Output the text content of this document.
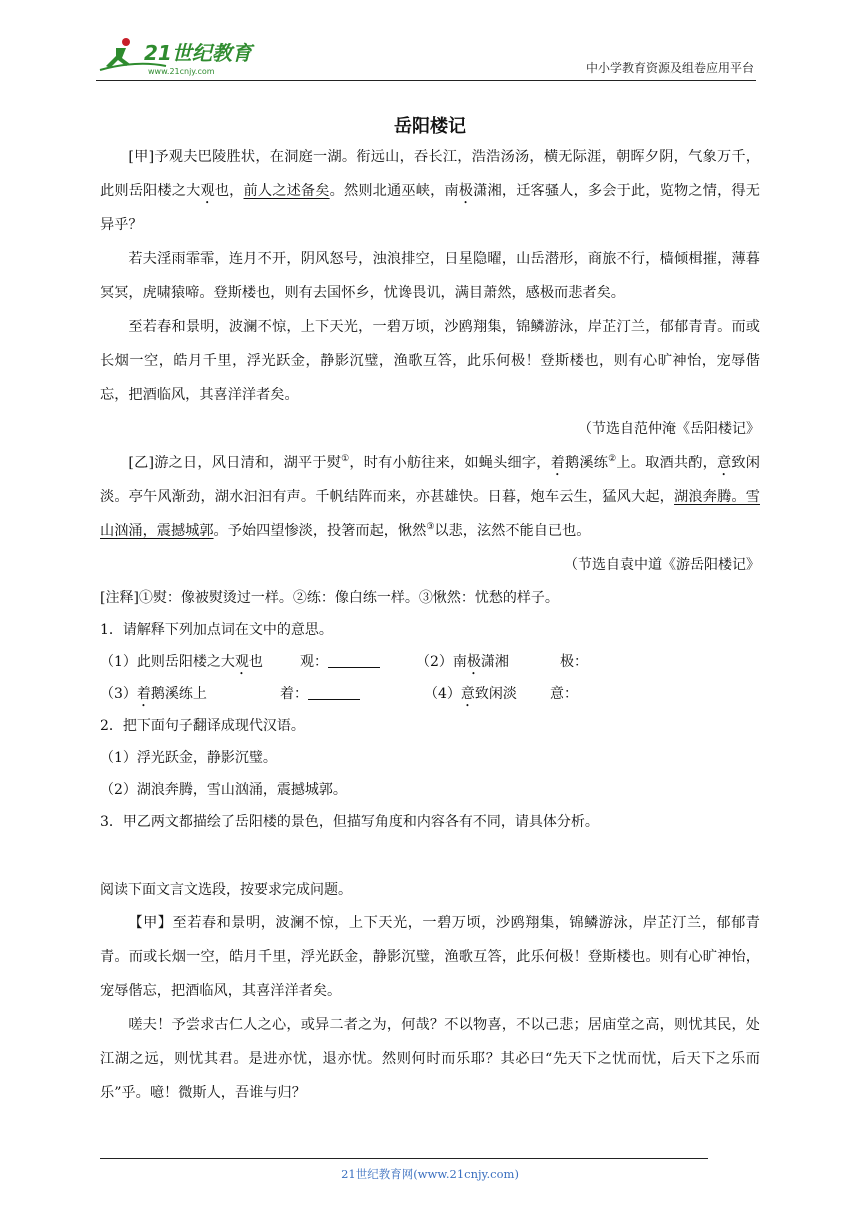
21世纪教育
www.21cnjy.com	中小学教育资源及组卷应用平台
岳阳楼记

[甲]予观夫巴陵胜状，在洞庭一湖。衔远山，吞长江，浩浩汤汤，横无际涯，朝晖夕阴，气象万千，此则岳阳楼之大观也，前人之述备矣。然则北通巫峡，南极潇湘，迁客骚人，多会于此，览物之情，得无异乎？

若夫淫雨霏霏，连月不开，阴风怒号，浊浪排空，日星隐曜，山岳潜形，商旅不行，樯倾楫摧，薄暮冥冥，虎啸猿啼。登斯楼也，则有去国怀乡，忧谗畏讥，满目萧然，感极而悲者矣。

至若春和景明，波澜不惊，上下天光，一碧万顷，沙鸥翔集，锦鳞游泳，岸芷汀兰，郁郁青青。而或长烟一空，皓月千里，浮光跃金，静影沉璧，渔歌互答，此乐何极！登斯楼也，则有心旷神怡，宠辱偕忘，把酒临风，其喜洋洋者矣。

（节选自范仲淹《岳阳楼记》

[乙]游之日，风日清和，湖平于熨①，时有小舫往来，如蝇头细字，着鹅溪练②上。取酒共酌，意致闲淡。亭午风渐劲，湖水汩汩有声。千帆结阵而来，亦甚雄快。日暮，炮车云生，猛风大起，湖浪奔腾。雪山汹涌，震撼城郭。予始四望惨淡，投箸而起，愀然③以悲，泫然不能自已也。

（节选自袁中道《游岳阳楼记》

[注释]①熨：像被熨烫过一样。②练：像白练一样。③愀然：忧愁的样子。

1．请解释下列加点词在文中的意思。

（1）此则岳阳楼之大观也	观：	（2）南极潇湘	极：
（3）着鹅溪练上	着：	（4）意致闲淡 意：

2．把下面句子翻译成现代汉语。

（1）浮光跃金，静影沉璧。

（2）湖浪奔腾，雪山汹涌，震撼城郭。

3．甲乙两文都描绘了岳阳楼的景色，但描写角度和内容各有不同，请具体分析。

阅读下面文言文选段，按要求完成问题。

【甲】至若春和景明，波澜不惊，上下天光，一碧万顷，沙鸥翔集，锦鳞游泳，岸芷汀兰，郁郁青青。而或长烟一空，皓月千里，浮光跃金，静影沉璧，渔歌互答，此乐何极！登斯楼也。则有心旷神怡，宠辱偕忘，把酒临风，其喜洋洋者矣。

嗟夫！予尝求古仁人之心，或异二者之为，何哉？不以物喜，不以己悲；居庙堂之高，则忧其民，处江湖之远，则忧其君。是进亦忧，退亦忧。然则何时而乐耶？其必曰“先天下之忧而忧，后天下之乐而乐”乎。噫！微斯人，吾谁与归？

21世纪教育网(www.21cnjy.com)
